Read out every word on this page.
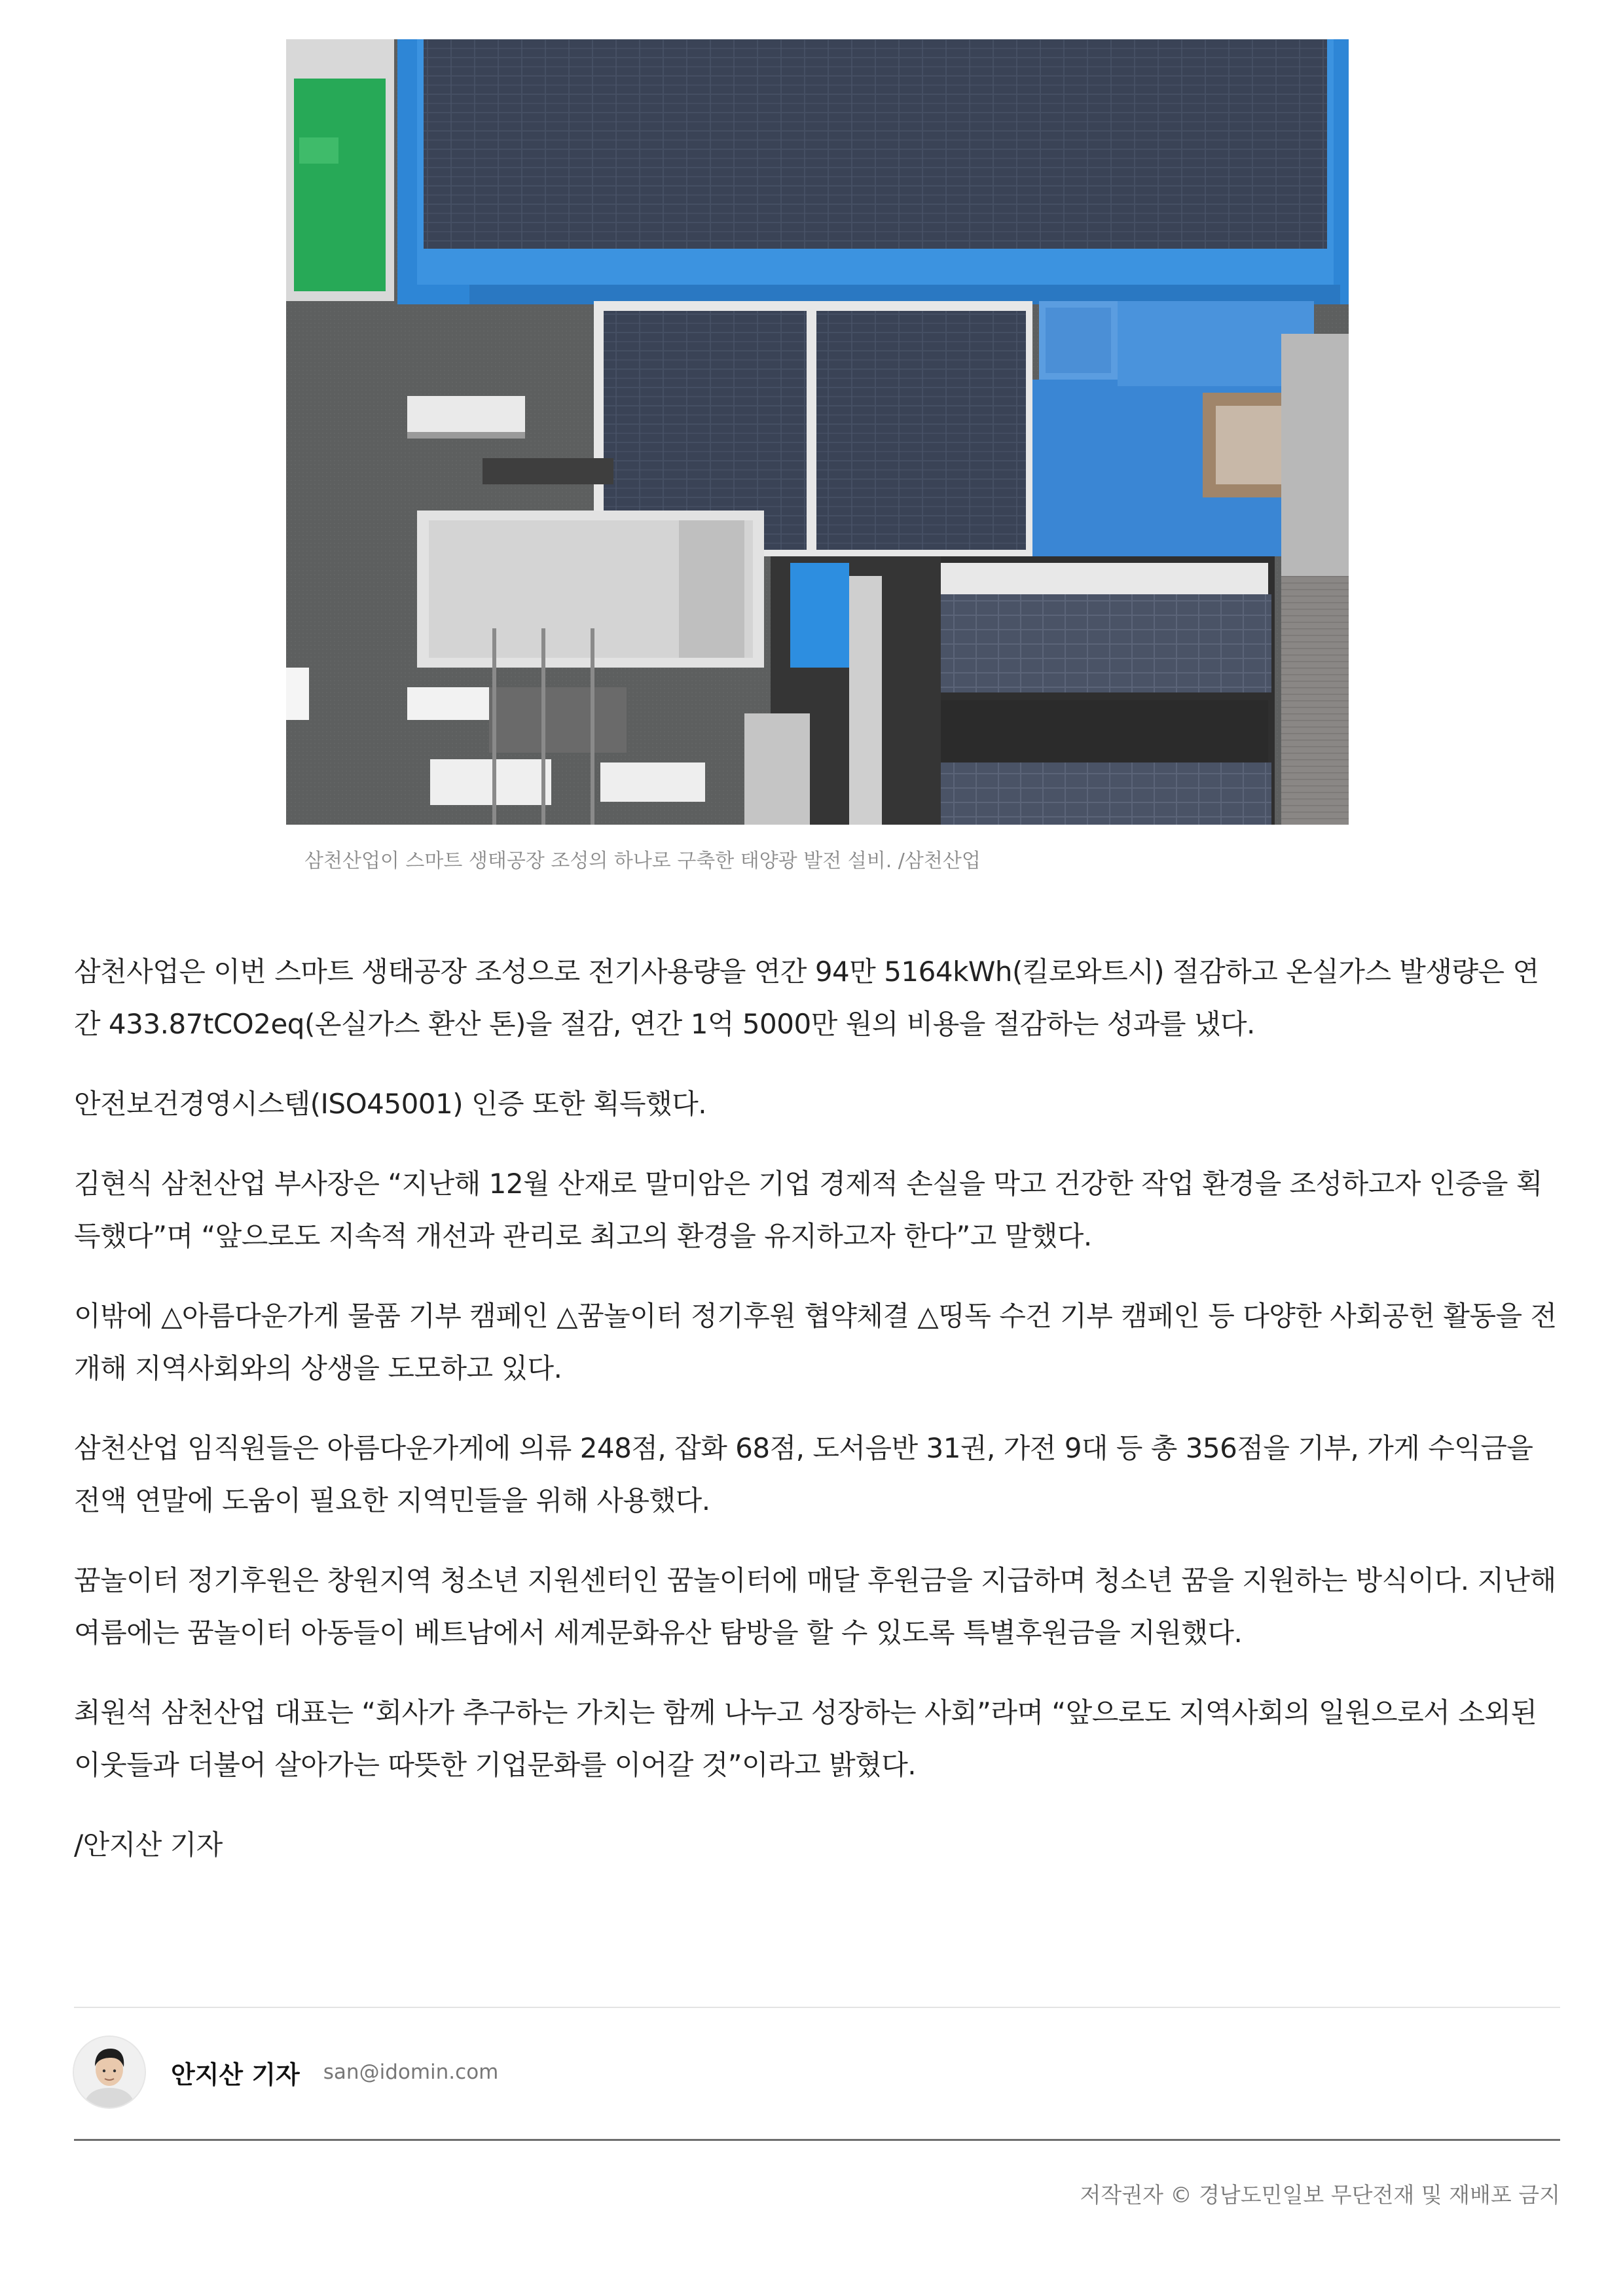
삼천산업이 스마트 생태공장 조성의 하나로 구축한 태양광 발전 설비. /삼천산업

삼천사업은 이번 스마트 생태공장 조성으로 전기사용량을 연간 94만 5164kWh(킬로와트시) 절감하고 온실가스 발생량은 연간 433.87tCO2eq(온실가스 환산 톤)을 절감, 연간 1억 5000만 원의 비용을 절감하는 성과를 냈다.

안전보건경영시스템(ISO45001) 인증 또한 획득했다.

김현식 삼천산업 부사장은 “지난해 12월 산재로 말미암은 기업 경제적 손실을 막고 건강한 작업 환경을 조성하고자 인증을 획득했다”며 “앞으로도 지속적 개선과 관리로 최고의 환경을 유지하고자 한다”고 말했다.

이밖에 △아름다운가게 물품 기부 캠페인 △꿈놀이터 정기후원 협약체결 △띵독 수건 기부 캠페인 등 다양한 사회공헌 활동을 전개해 지역사회와의 상생을 도모하고 있다.

삼천산업 임직원들은 아름다운가게에 의류 248점, 잡화 68점, 도서음반 31권, 가전 9대 등 총 356점을 기부, 가게 수익금을 전액 연말에 도움이 필요한 지역민들을 위해 사용했다.

꿈놀이터 정기후원은 창원지역 청소년 지원센터인 꿈놀이터에 매달 후원금을 지급하며 청소년 꿈을 지원하는 방식이다. 지난해 여름에는 꿈놀이터 아동들이 베트남에서 세계문화유산 탐방을 할 수 있도록 특별후원금을 지원했다.

최원석 삼천산업 대표는 “회사가 추구하는 가치는 함께 나누고 성장하는 사회”라며 “앞으로도 지역사회의 일원으로서 소외된 이웃들과 더불어 살아가는 따뜻한 기업문화를 이어갈 것”이라고 밝혔다.

/안지산 기자

안지산 기자 san@idomin.com
저작권자 © 경남도민일보 무단전재 및 재배포 금지
